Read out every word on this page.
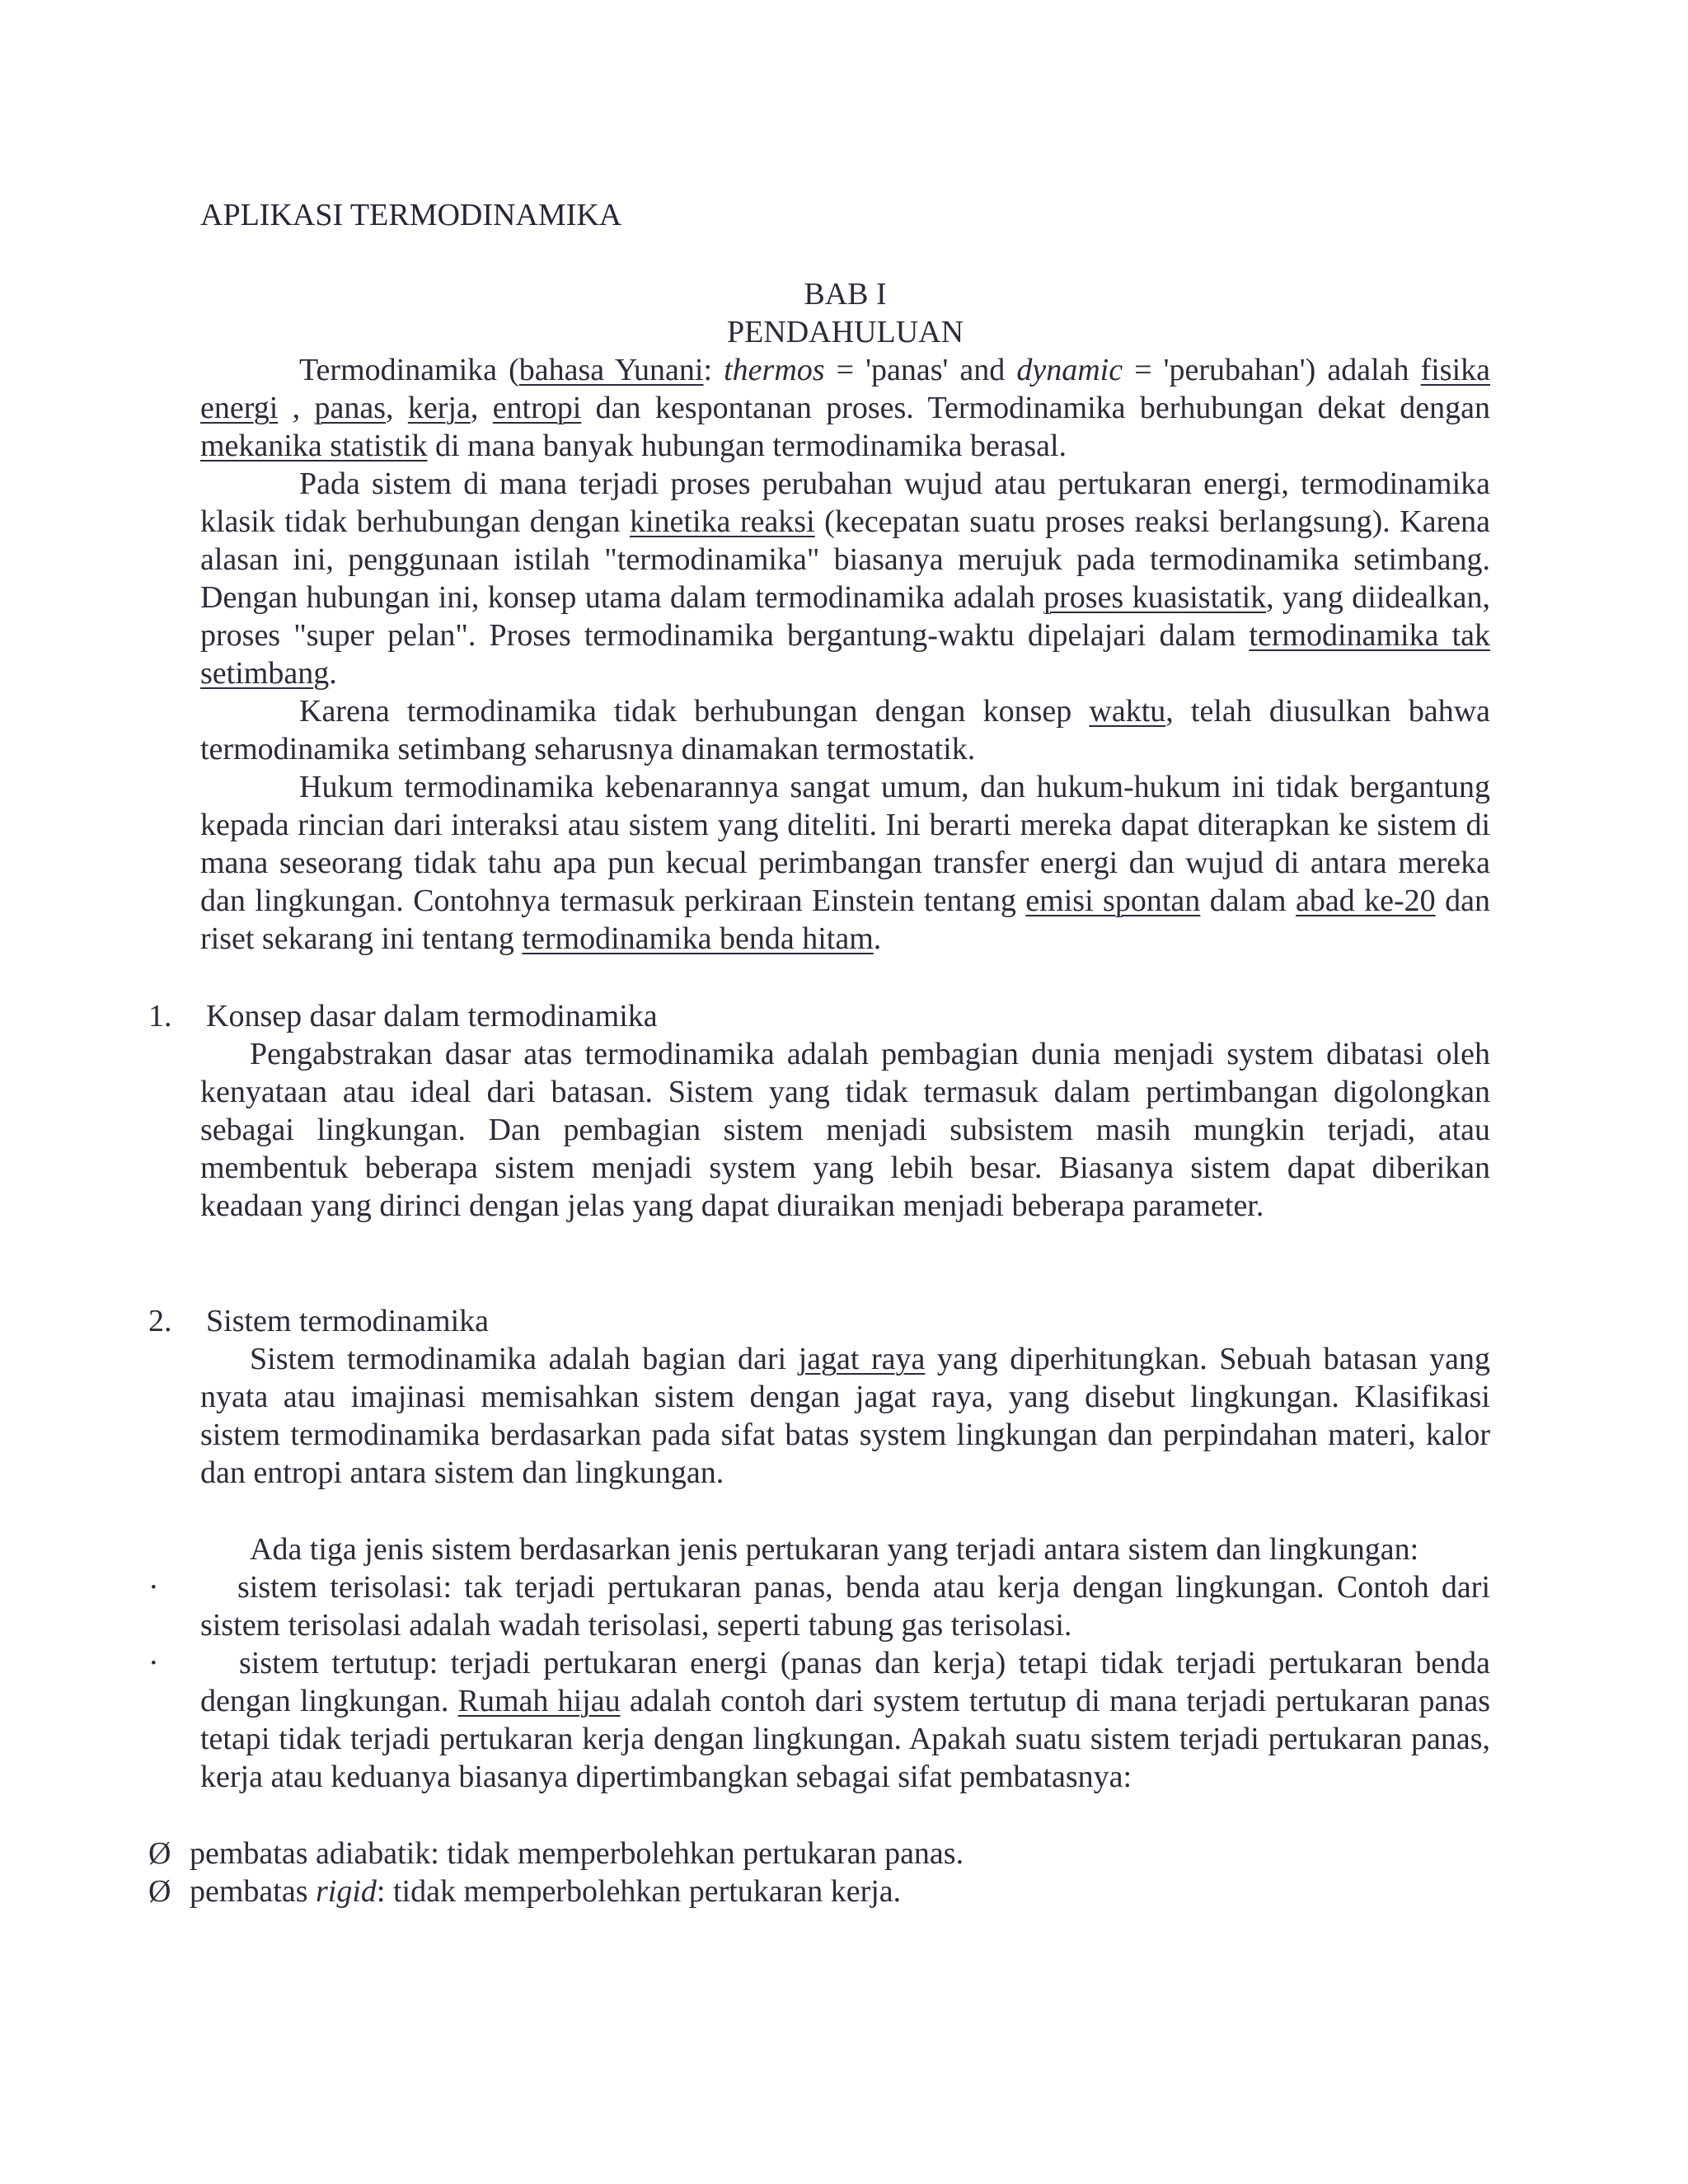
APLIKASI TERMODINAMIKA
BAB I
PENDAHULUAN

Termodinamika (bahasa Yunani: thermos = 'panas' and dynamic = 'perubahan') adalah fisika energi , panas, kerja, entropi dan kespontanan proses. Termodinamika berhubungan dekat dengan mekanika statistik di mana banyak hubungan termodinamika berasal.

Pada sistem di mana terjadi proses perubahan wujud atau pertukaran energi, termodinamika klasik tidak berhubungan dengan kinetika reaksi (kecepatan suatu proses reaksi berlangsung). Karena alasan ini, penggunaan istilah "termodinamika" biasanya merujuk pada termodinamika setimbang. Dengan hubungan ini, konsep utama dalam termodinamika adalah proses kuasistatik, yang diidealkan, proses "super pelan". Proses termodinamika bergantung-waktu dipelajari dalam termodinamika tak setimbang.

Karena termodinamika tidak berhubungan dengan konsep waktu, telah diusulkan bahwa termodinamika setimbang seharusnya dinamakan termostatik.

Hukum termodinamika kebenarannya sangat umum, dan hukum-hukum ini tidak bergantung kepada rincian dari interaksi atau sistem yang diteliti. Ini berarti mereka dapat diterapkan ke sistem di mana seseorang tidak tahu apa pun kecual perimbangan transfer energi dan wujud di antara mereka dan lingkungan. Contohnya termasuk perkiraan Einstein tentang emisi spontan dalam abad ke-20 dan riset sekarang ini tentang termodinamika benda hitam.

1. Konsep dasar dalam termodinamika

Pengabstrakan dasar atas termodinamika adalah pembagian dunia menjadi system dibatasi oleh kenyataan atau ideal dari batasan. Sistem yang tidak termasuk dalam pertimbangan digolongkan sebagai lingkungan. Dan pembagian sistem menjadi subsistem masih mungkin terjadi, atau membentuk beberapa sistem menjadi system yang lebih besar. Biasanya sistem dapat diberikan keadaan yang dirinci dengan jelas yang dapat diuraikan menjadi beberapa parameter.

2. Sistem termodinamika

Sistem termodinamika adalah bagian dari jagat raya yang diperhitungkan. Sebuah batasan yang nyata atau imajinasi memisahkan sistem dengan jagat raya, yang disebut lingkungan. Klasifikasi sistem termodinamika berdasarkan pada sifat batas system lingkungan dan perpindahan materi, kalor dan entropi antara sistem dan lingkungan.

Ada tiga jenis sistem berdasarkan jenis pertukaran yang terjadi antara sistem dan lingkungan:

·	sistem terisolasi: tak terjadi pertukaran panas, benda atau kerja dengan lingkungan. Contoh dari sistem terisolasi adalah wadah terisolasi, seperti tabung gas terisolasi.
·	sistem tertutup: terjadi pertukaran energi (panas dan kerja) tetapi tidak terjadi pertukaran benda dengan lingkungan. Rumah hijau adalah contoh dari system tertutup di mana terjadi pertukaran panas tetapi tidak terjadi pertukaran kerja dengan lingkungan. Apakah suatu sistem terjadi pertukaran panas, kerja atau keduanya biasanya dipertimbangkan sebagai sifat pembatasnya:
Ø pembatas adiabatik: tidak memperbolehkan pertukaran panas.
Ø pembatas rigid: tidak memperbolehkan pertukaran kerja.
